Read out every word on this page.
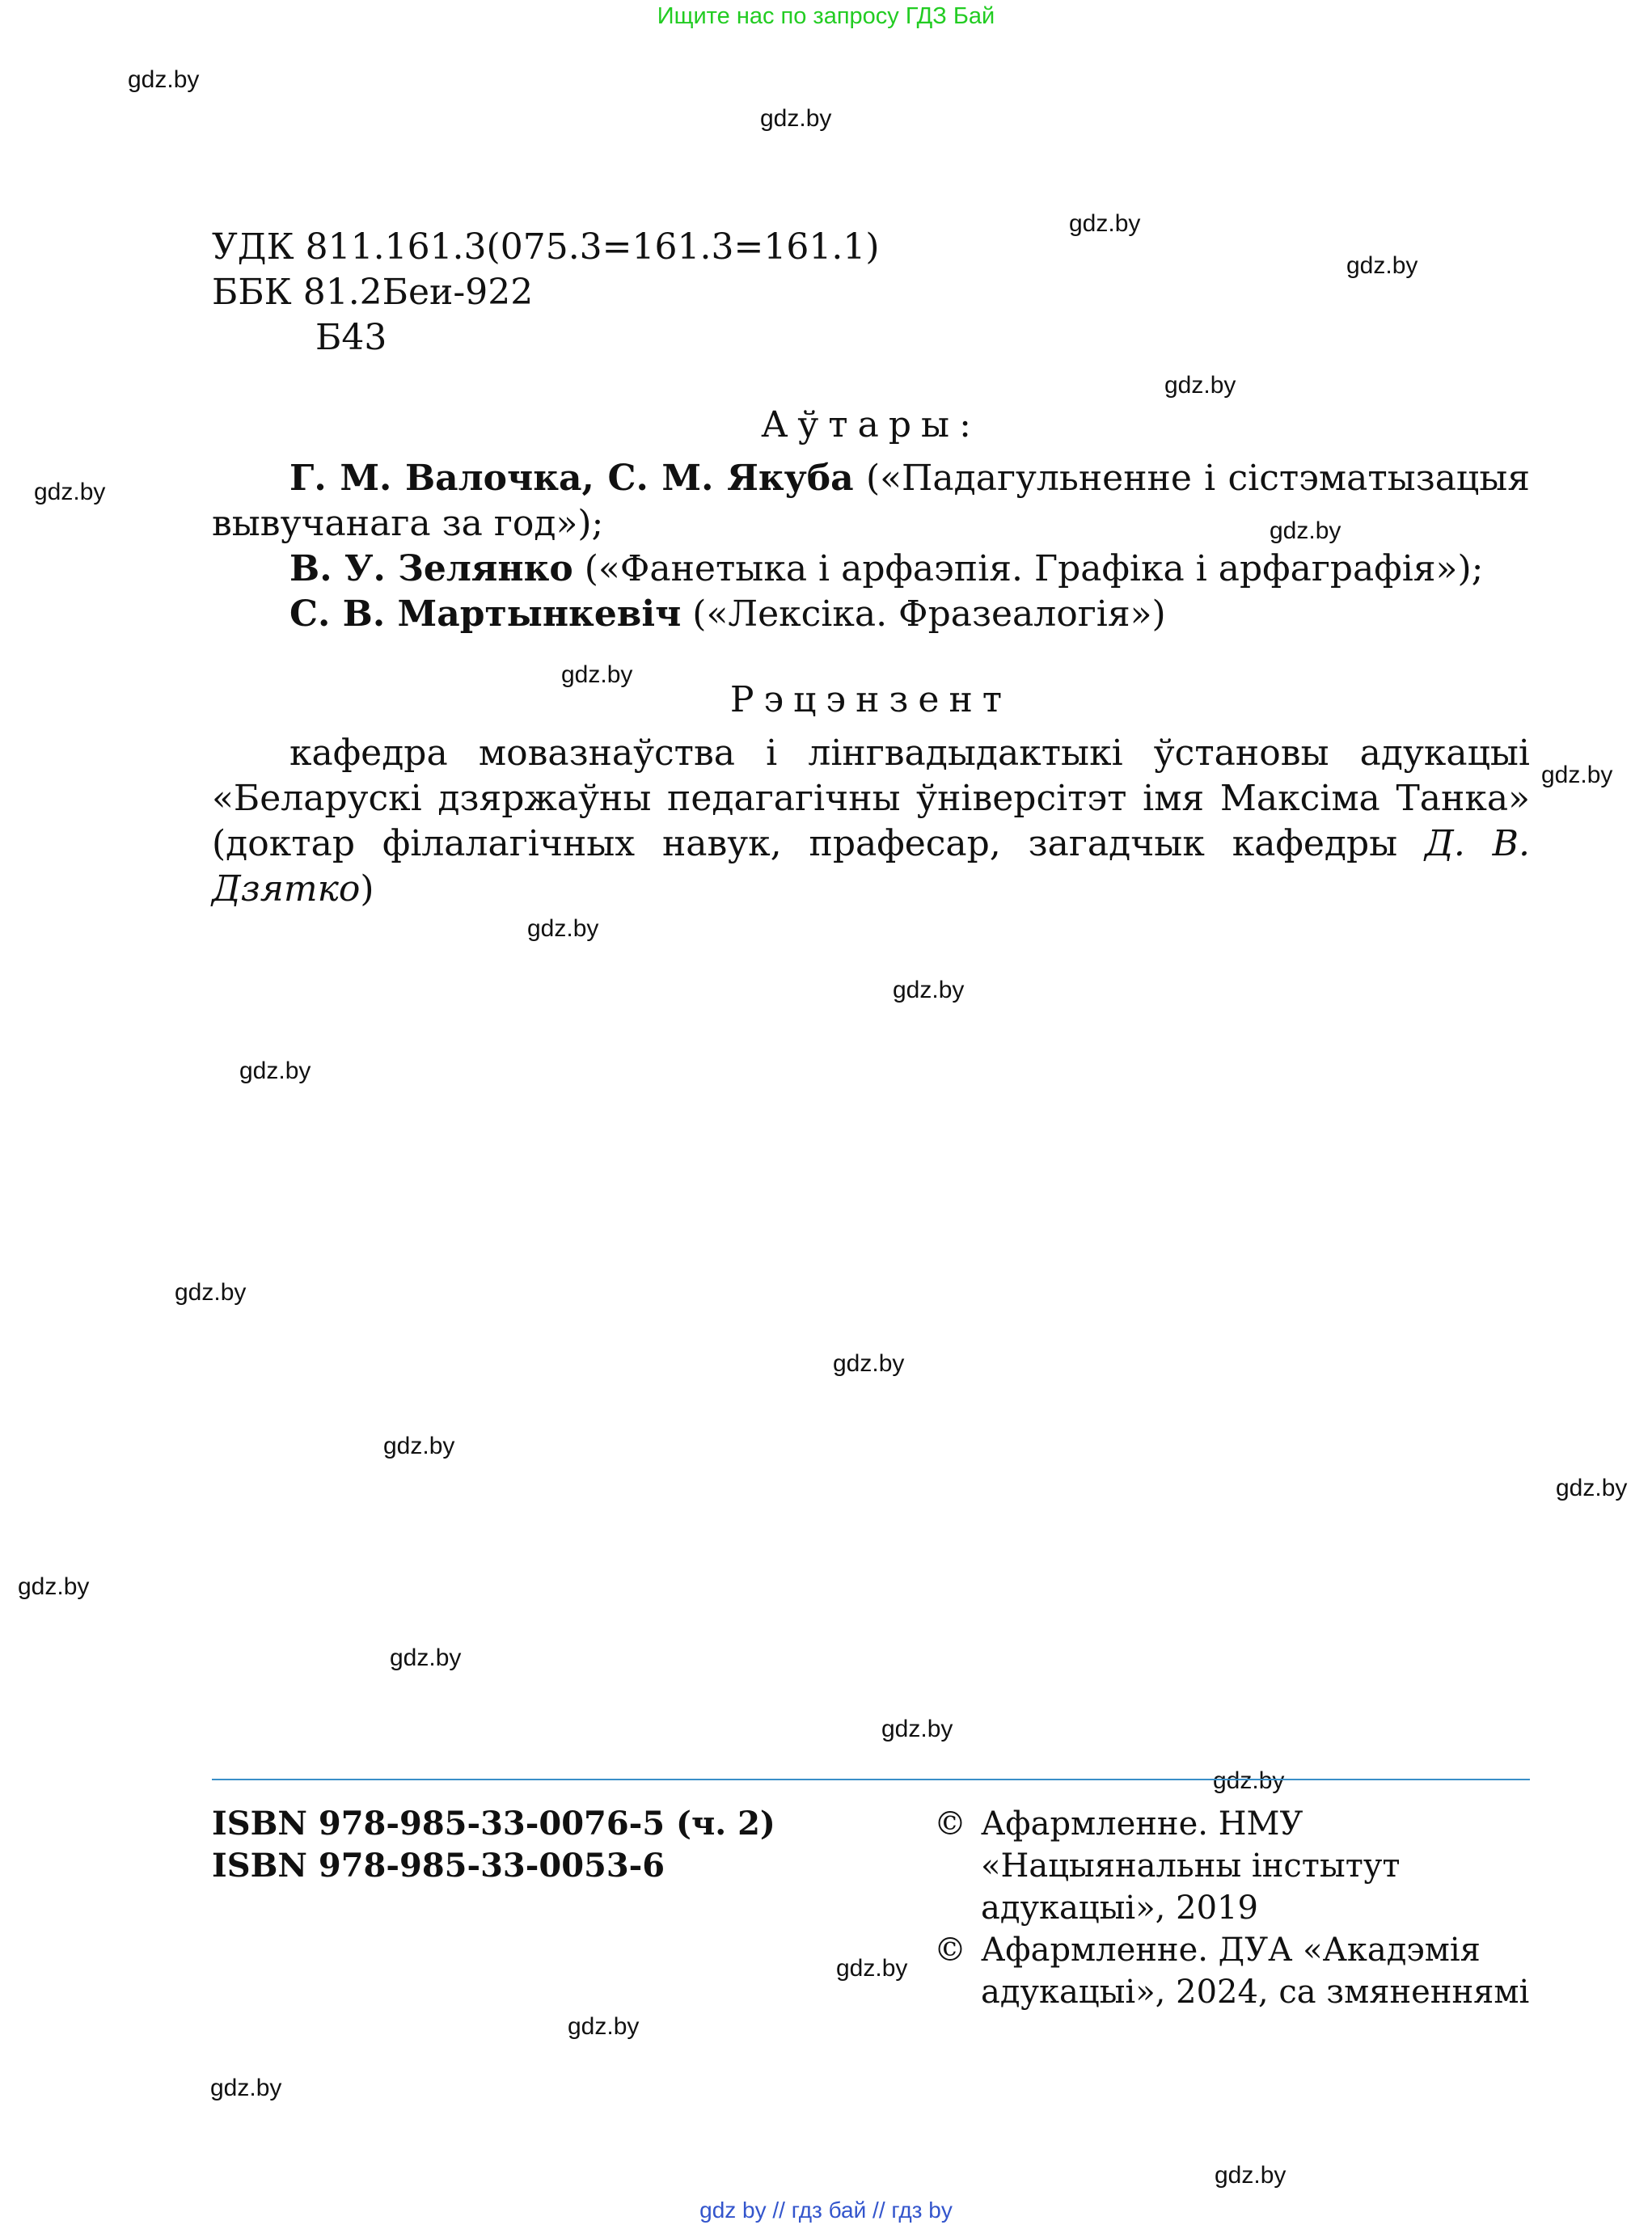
Ищите нас по запросу ГДЗ Бай
gdz.by
gdz.by
gdz.by
gdz.by
gdz.by
gdz.by
gdz.by
gdz.by
gdz.by
gdz.by
gdz.by
gdz.by
gdz.by
gdz.by
gdz.by
gdz.by
gdz.by
gdz.by
gdz.by
gdz.by
gdz.by
gdz.by
gdz.by
gdz.by
УДК 811.161.3(075.3=161.3=161.1)
ББК 81.2Беи-922
Б43
Аўтары:
Г. М. Валочка, С. М. Якуба («Падагульненне і сістэматызацыя вывучанага за год»);
В. У. Зелянко («Фанетыка і арфаэпія. Графіка і арфаграфія»);
С. В. Мартынкевіч («Лексіка. Фразеалогія»)
Рэцэнзент
кафедра мовазнаўства і лінгвадыдактыкі ўстановы адукацыі «Беларускі дзяржаўны педагагічны ўніверсітэт імя Максіма Танка» (доктар філалагічных навук, прафесар, загадчык кафедры Д. В. Дзятко)
ISBN 978-985-33-0076-5 (ч. 2)
ISBN 978-985-33-0053-6
© Афармленне. НМУ «Нацыянальны інстытут адукацыі», 2019
© Афармленне. ДУА «Акадэмія адукацыі», 2024, са змяненнямі
gdz by // гдз бай // гдз by
